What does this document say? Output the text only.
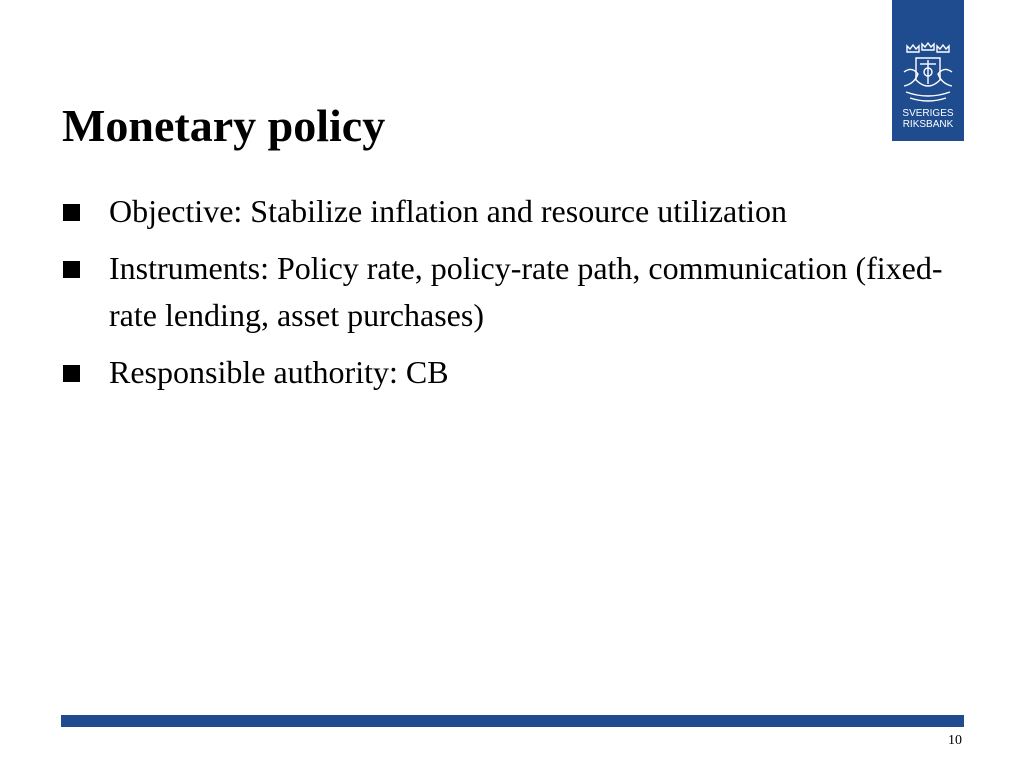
SVERIGES
RIKSBANK
Monetary policy
Objective: Stabilize inflation and resource utilization
Instruments: Policy rate, policy-rate path, communication (fixed-rate lending, asset purchases)
Responsible authority: CB
10
